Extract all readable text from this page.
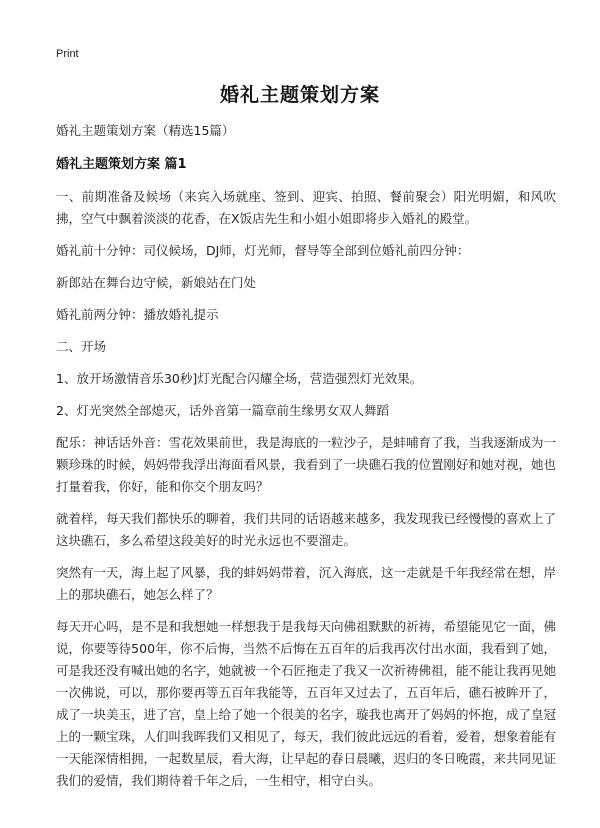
Print
婚礼主题策划方案
婚礼主题策划方案（精选15篇）
婚礼主题策划方案 篇1
一、前期准备及候场（来宾入场就座、签到、迎宾、拍照、餐前聚会）阳光明媚，和风吹拂，空气中飘着淡淡的花香，在X饭店先生和小姐小姐即将步入婚礼的殿堂。
婚礼前十分钟：司仪候场，DJ师，灯光师，督导等全部到位婚礼前四分钟：
新郎站在舞台边守候，新娘站在门处
婚礼前两分钟：播放婚礼提示
二、开场
1、放开场激情音乐30秒]灯光配合闪耀全场，营造强烈灯光效果。
2、灯光突然全部熄灭，话外音第一篇章前生缘男女双人舞蹈
配乐：神话话外音：雪花效果前世，我是海底的一粒沙子，是蚌哺育了我，当我逐渐成为一颗珍珠的时候，妈妈带我浮出海面看风景，我看到了一块礁石我的位置刚好和她对视，她也打量着我，你好，能和你交个朋友吗？
就着样，每天我们都快乐的聊着，我们共同的话语越来越多，我发现我已经慢慢的喜欢上了这块礁石，多么希望这段美好的时光永远也不要溜走。
突然有一天，海上起了风暴，我的蚌妈妈带着，沉入海底，这一走就是千年我经常在想，岸上的那块礁石，她怎么样了？
每天开心吗，是不是和我想她一样想我于是我每天向佛祖默默的祈祷，希望能见它一面，佛说，你要等待500年，你不后悔，当然不后悔在五百年的后我再次付出水面，我看到了她，可是我还没有喊出她的名字，她就被一个石匠拖走了我又一次祈祷佛祖，能不能让我再见她一次佛说，可以，那你要再等五百年我能等，五百年又过去了，五百年后，礁石被眸开了，成了一块美玉，进了宫，皇上给了她一个很美的名字，璇我也离开了妈妈的怀抱，成了皇冠上的一颗宝珠，人们叫我晖我们又相见了，每天，我们彼此远远的看着，爱着，想象着能有一天能深情相拥，一起数星辰，看大海，让早起的春日晨曦，迟归的冬日晚霞，来共同见证我们的爱情，我们期待着千年之后，一生相守，相守白头。
